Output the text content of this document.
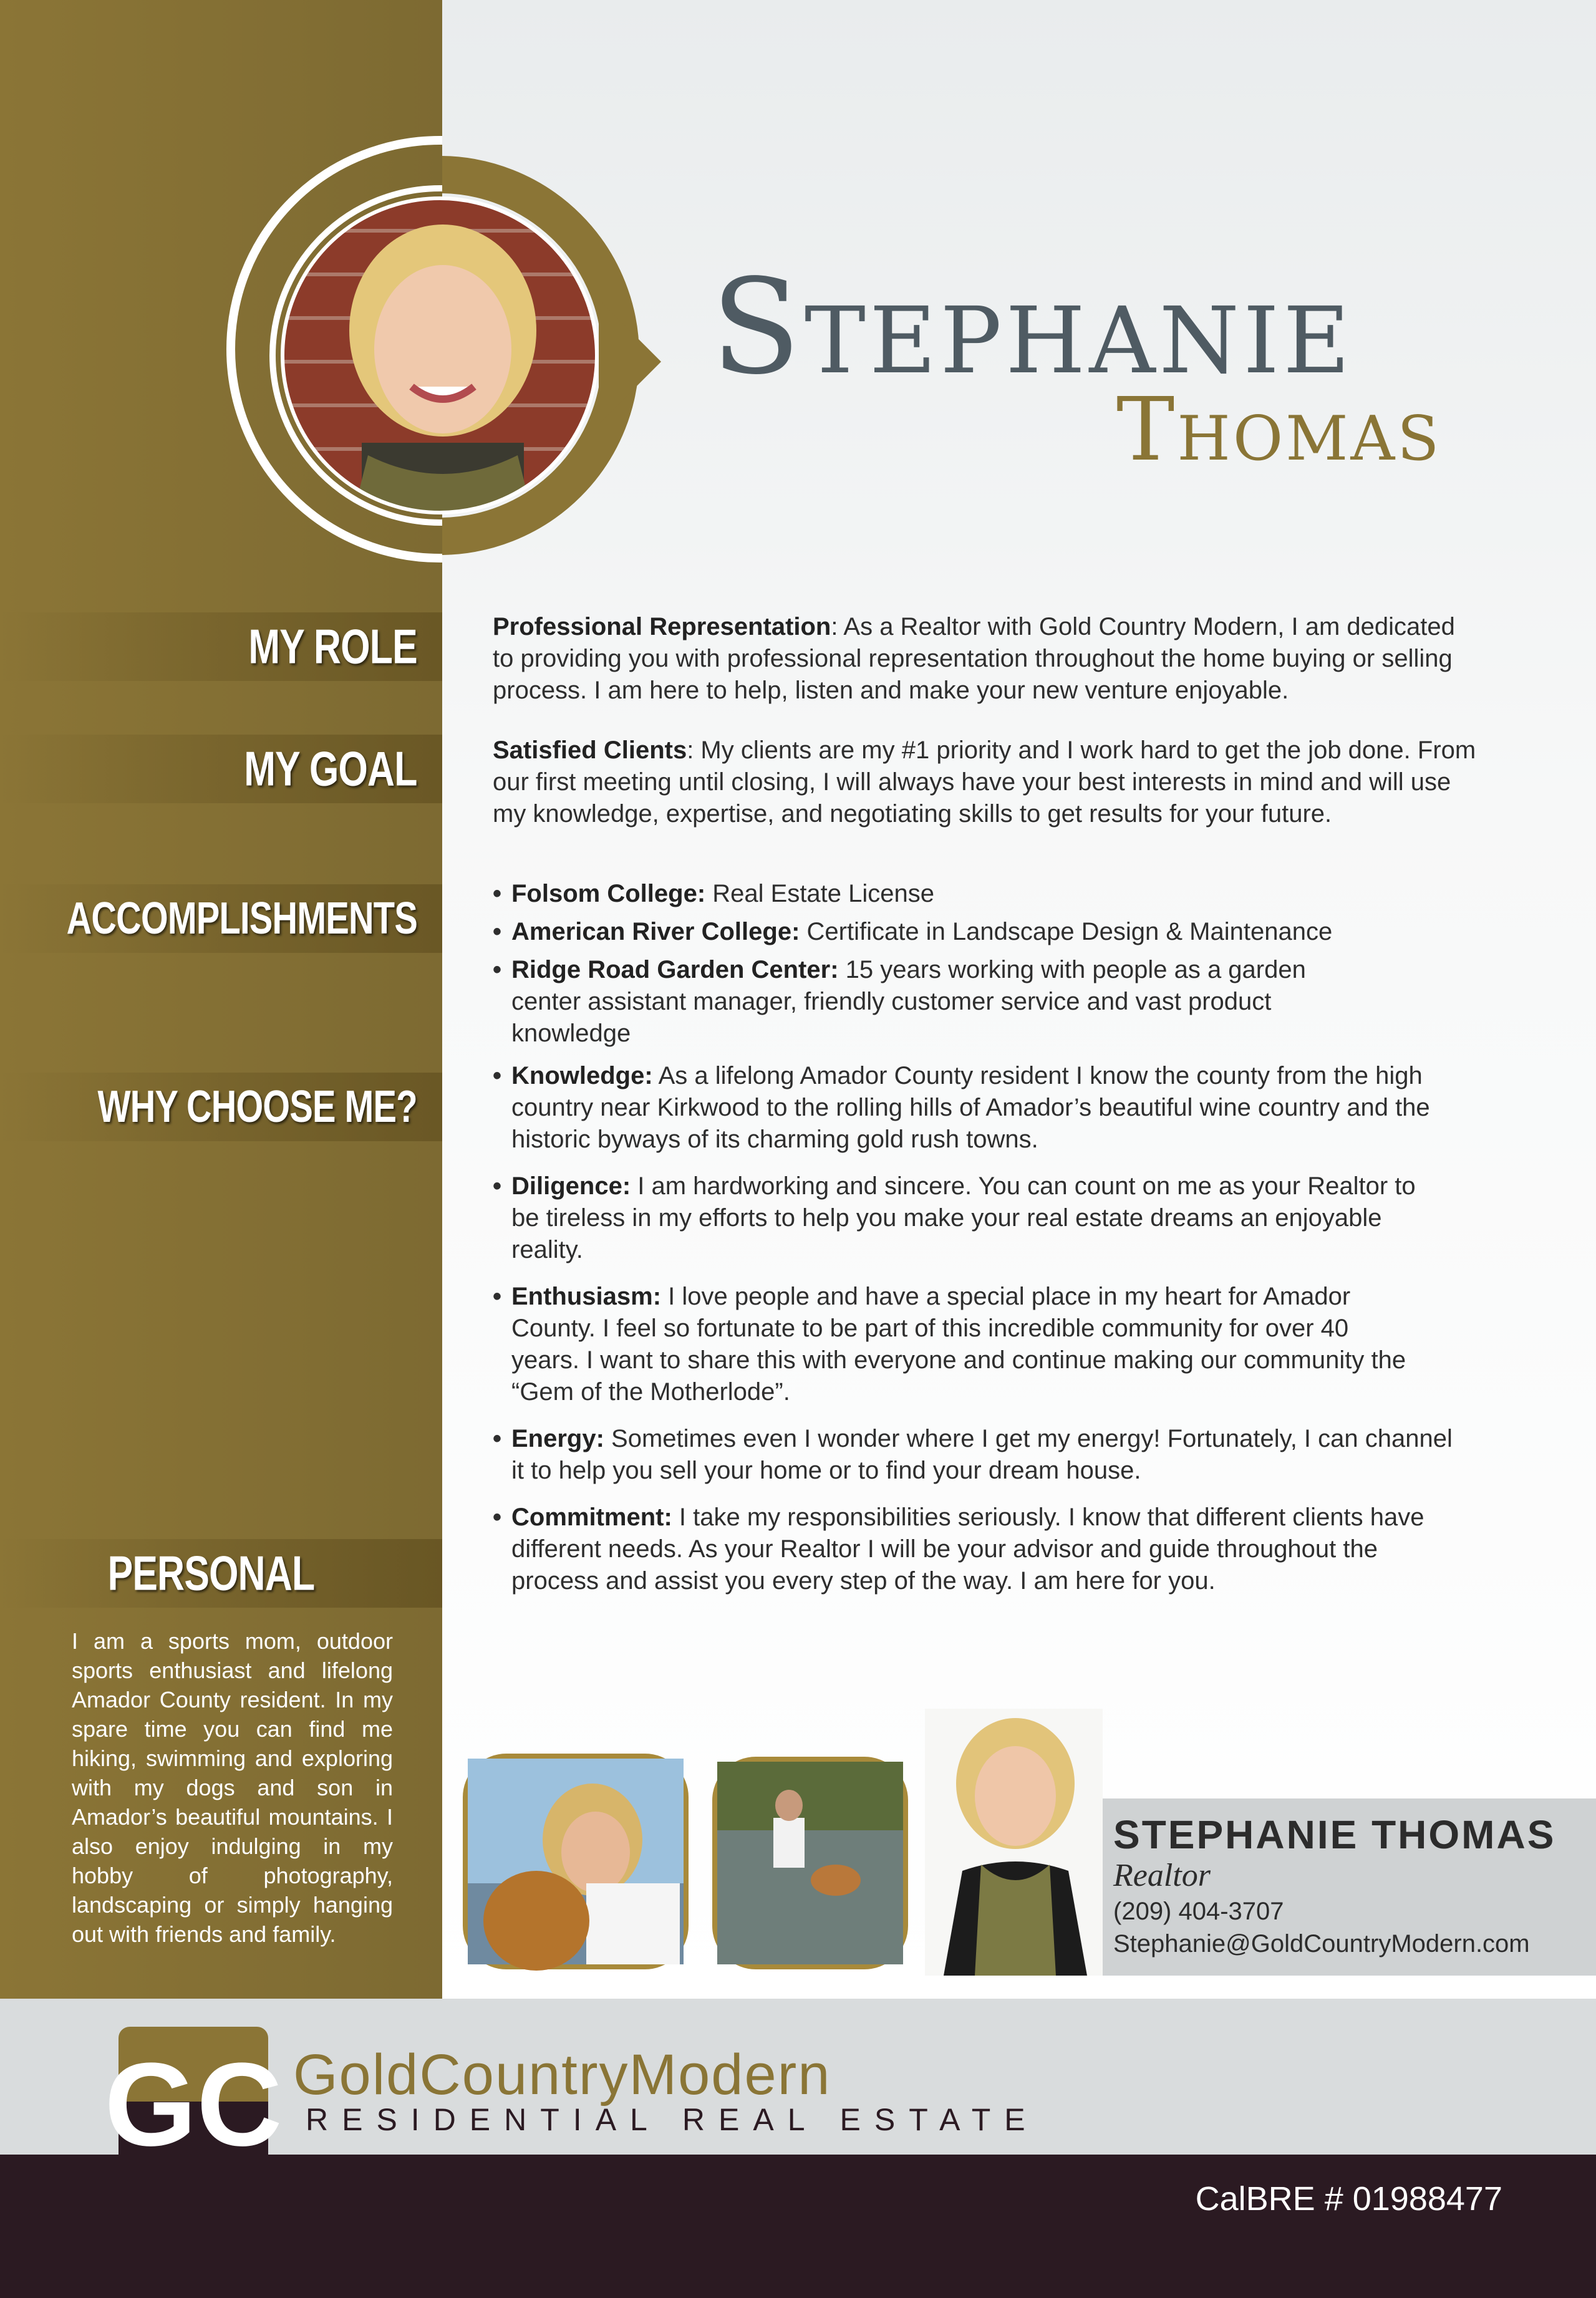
Stephanie
Thomas
MY ROLE
MY GOAL
ACCOMPLISHMENTS
WHY CHOOSE ME?
PERSONAL

Professional Representation: As a Realtor with Gold Country Modern, I am dedicated to providing you with professional representation throughout the home buying or selling process. I am here to help, listen and make your new venture enjoyable.

Satisfied Clients: My clients are my #1 priority and I work hard to get the job done. From our first meeting until closing, I will always have your best interests in mind and will use my knowledge, expertise, and negotiating skills to get results for your future.

• Folsom College: Real Estate License
• American River College: Certificate in Landscape Design & Maintenance
• Ridge Road Garden Center: 15 years working with people as a garden center assistant manager, friendly customer service and vast product knowledge
• Knowledge: As a lifelong Amador County resident I know the county from the high country near Kirkwood to the rolling hills of Amador’s beautiful wine country and the historic byways of its charming gold rush towns.
• Diligence: I am hardworking and sincere. You can count on me as your Realtor to be tireless in my efforts to help you make your real estate dreams an enjoyable reality.
• Enthusiasm: I love people and have a special place in my heart for Amador County. I feel so fortunate to be part of this incredible community for over 40 years. I want to share this with everyone and continue making our community the “Gem of the Motherlode”.
• Energy: Sometimes even I wonder where I get my energy! Fortunately, I can channel it to help you sell your home or to find your dream house.
• Commitment: I take my responsibilities seriously. I know that different clients have different needs. As your Realtor I will be your advisor and guide throughout the process and assist you every step of the way. I am here for you.
I am a sports mom, outdoor sports enthusiast and lifelong Amador County resident. In my spare time you can find me hiking, swimming and exploring with my dogs and son in Amador’s beautiful mountains. I also enjoy indulging in my hobby of photography, landscaping or simply hanging out with friends and family.
STEPHANIE THOMAS
Realtor
(209) 404-3707
Stephanie@GoldCountryModern.com
GC GoldCountryModern
RESIDENTIAL REAL ESTATE
CalBRE # 01988477
